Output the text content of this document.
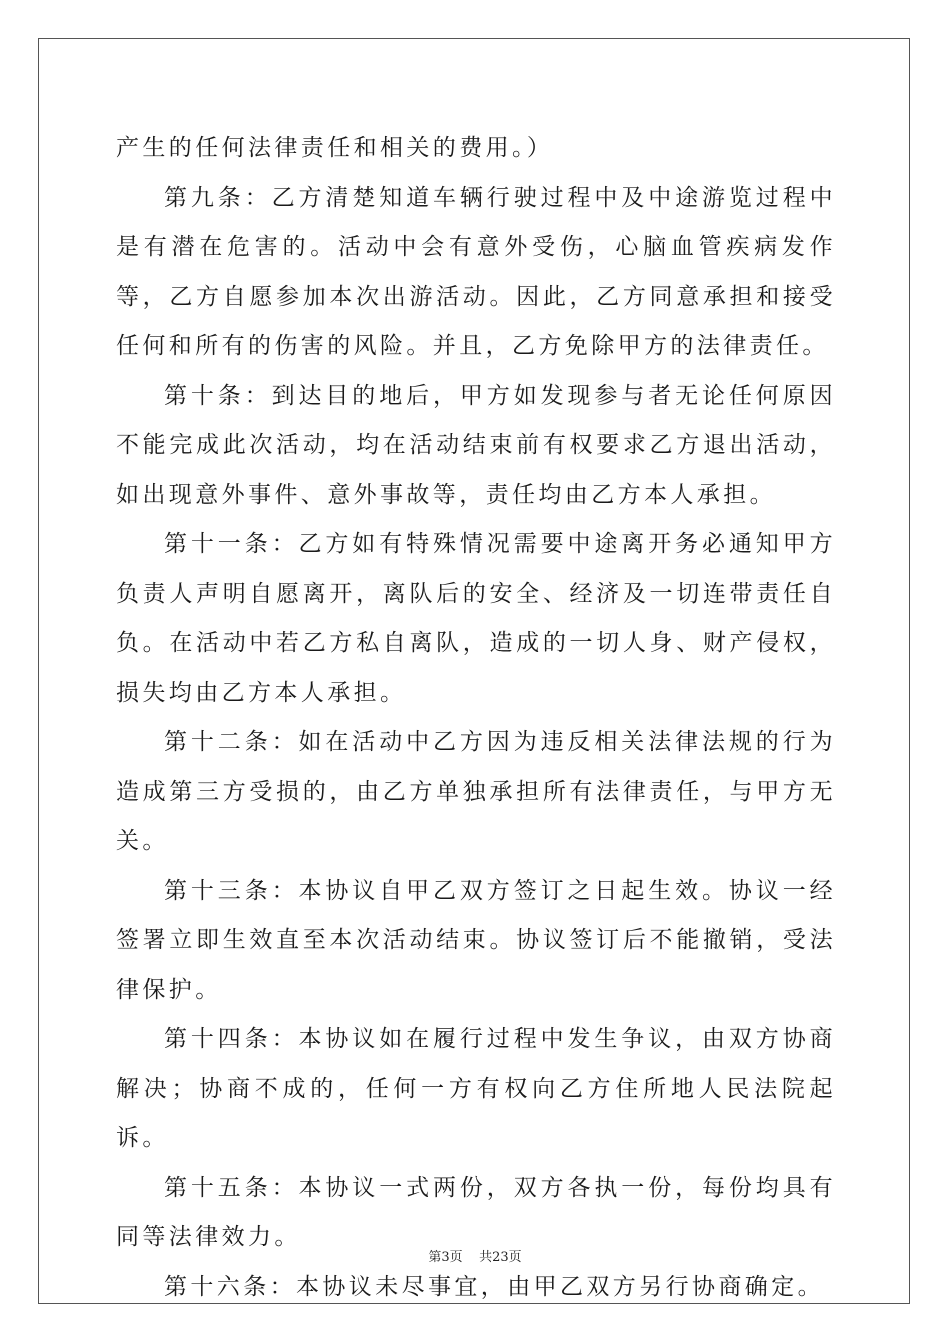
产生的任何法律责任和相关的费用。）

第九条：乙方清楚知道车辆行驶过程中及中途游览过程中是有潜在危害的。活动中会有意外受伤，心脑血管疾病发作等，乙方自愿参加本次出游活动。因此，乙方同意承担和接受任何和所有的伤害的风险。并且，乙方免除甲方的法律责任。

第十条：到达目的地后，甲方如发现参与者无论任何原因不能完成此次活动，均在活动结束前有权要求乙方退出活动，如出现意外事件、意外事故等，责任均由乙方本人承担。

第十一条：乙方如有特殊情况需要中途离开务必通知甲方负责人声明自愿离开，离队后的安全、经济及一切连带责任自负。在活动中若乙方私自离队，造成的一切人身、财产侵权，损失均由乙方本人承担。

第十二条：如在活动中乙方因为违反相关法律法规的行为造成第三方受损的，由乙方单独承担所有法律责任，与甲方无关。

第十三条：本协议自甲乙双方签订之日起生效。协议一经签署立即生效直至本次活动结束。协议签订后不能撤销，受法律保护。

第十四条：本协议如在履行过程中发生争议，由双方协商解决；协商不成的，任何一方有权向乙方住所地人民法院起诉。

第十五条：本协议一式两份，双方各执一份，每份均具有同等法律效力。

第十六条：本协议未尽事宜，由甲乙双方另行协商确定。

第3页 共23页
